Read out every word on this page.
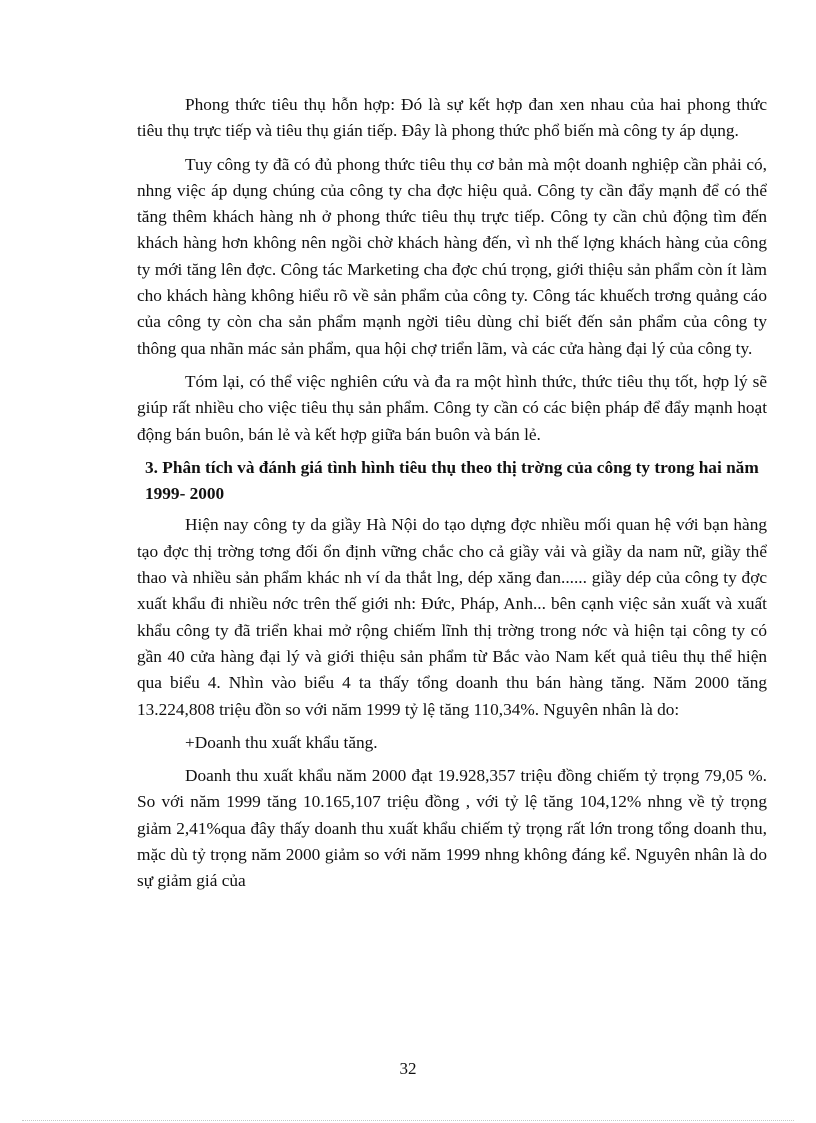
Phong thức tiêu thụ hỗn hợp: Đó là sự kết hợp đan xen nhau của hai phong thức tiêu thụ trực tiếp và tiêu thụ gián tiếp. Đây là phong thức phổ biến mà công ty áp dụng.

Tuy công ty đã có đủ phong thức tiêu thụ cơ bản mà một doanh nghiệp cần phải có, nhng việc áp dụng chúng của công ty cha đợc hiệu quả. Công ty cần đẩy mạnh để có thể tăng thêm khách hàng nh ở phong thức tiêu thụ trực tiếp. Công ty cần chủ động tìm đến khách hàng hơn không nên ngồi chờ khách hàng đến, vì nh thế lợng khách hàng của công ty mới tăng lên đợc. Công tác Marketing cha đợc chú trọng, giới thiệu sản phẩm còn ít làm cho khách hàng không hiểu rõ về sản phẩm của công ty. Công tác khuếch trơng quảng cáo của công ty còn cha sản phẩm mạnh ngời tiêu dùng chỉ biết đến sản phẩm của công ty thông qua nhãn mác sản phẩm, qua hội chợ triển lãm, và các cửa hàng đại lý của công ty.

Tóm lại, có thể việc nghiên cứu và đa ra một hình thức, thức tiêu thụ tốt, hợp lý sẽ giúp rất nhiều cho việc tiêu thụ sản phẩm. Công ty cần có các biện pháp để đẩy mạnh hoạt động bán buôn, bán lẻ và kết hợp giữa bán buôn và bán lẻ.

3. Phân tích và đánh giá tình hình tiêu thụ theo thị trờng của công ty trong hai năm 1999- 2000

Hiện nay công ty da giầy Hà Nội do tạo dựng đợc nhiều mối quan hệ với bạn hàng tạo đợc thị trờng tơng đối ổn định vững chắc cho cả giầy vải và giầy da nam nữ, giầy thể thao và nhiều sản phẩm khác nh ví da thắt lng, dép xăng đan...... giầy dép của công ty đợc xuất khẩu đi nhiều nớc trên thế giới nh: Đức, Pháp, Anh... bên cạnh việc sản xuất và xuất khẩu công ty đã triển khai mở rộng chiếm lĩnh thị trờng trong nớc và hiện tại công ty có gần 40 cửa hàng đại lý và giới thiệu sản phẩm từ Bắc vào Nam kết quả tiêu thụ thể hiện qua biểu 4. Nhìn vào biểu 4 ta thấy tổng doanh thu bán hàng tăng. Năm 2000 tăng 13.224,808 triệu đồn so với năm 1999 tỷ lệ tăng 110,34%. Nguyên nhân là do:

+Doanh thu xuất khẩu tăng.

Doanh thu xuất khẩu năm 2000 đạt 19.928,357 triệu đồng chiếm tỷ trọng 79,05 %. So với năm 1999 tăng 10.165,107 triệu đồng , với tỷ lệ tăng 104,12% nhng về tỷ trọng giảm 2,41%qua đây thấy doanh thu xuất khẩu chiếm tỷ trọng rất lớn trong tổng doanh thu, mặc dù tỷ trọng năm 2000 giảm so với năm 1999 nhng không đáng kể. Nguyên nhân là do sự giảm giá của

32
